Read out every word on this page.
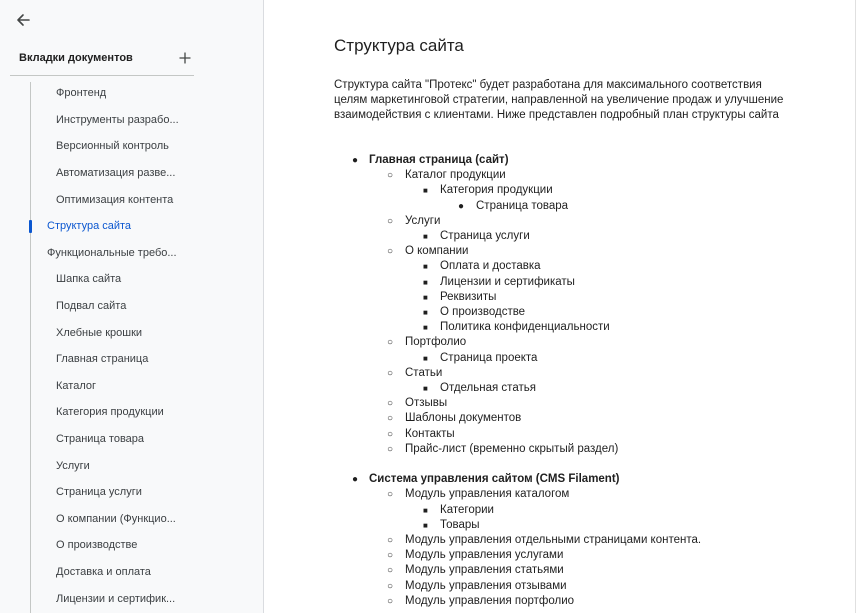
Вкладки документов
Фронтенд
Инструменты разрабо...
Версионный контроль
Автоматизация разве...
Оптимизация контента
Структура сайта
Функциональные требо...
Шапка сайта
Подвал сайта
Хлебные крошки
Главная страница
Каталог
Категория продукции
Страница товара
Услуги
Страница услуги
О компании (Функцио...
О производстве
Доставка и оплата
Лицензии и сертифик...
Структура сайта
Структура сайта "Протекс" будет разработана для максимального соответствия целям маркетинговой стратегии, направленной на увеличение продаж и улучшение взаимодействия с клиентами. Ниже представлен подробный план структуры сайта
● Главная страница (сайт)
○ Каталог продукции
■ Категория продукции
● Страница товара
○ Услуги
■ Страница услуги
○ О компании
■ Оплата и доставка
■ Лицензии и сертификаты
■ Реквизиты
■ О производстве
■ Политика конфиденциальности
○ Портфолио
■ Страница проекта
○ Статьи
■ Отдельная статья
○ Отзывы
○ Шаблоны документов
○ Контакты
○ Прайс-лист (временно скрытый раздел)
● Система управления сайтом (CMS Filament)
○ Модуль управления каталогом
■ Категории
■ Товары
○ Модуль управления отдельными страницами контента.
○ Модуль управления услугами
○ Модуль управления статьями
○ Модуль управления отзывами
○ Модуль управления портфолио
